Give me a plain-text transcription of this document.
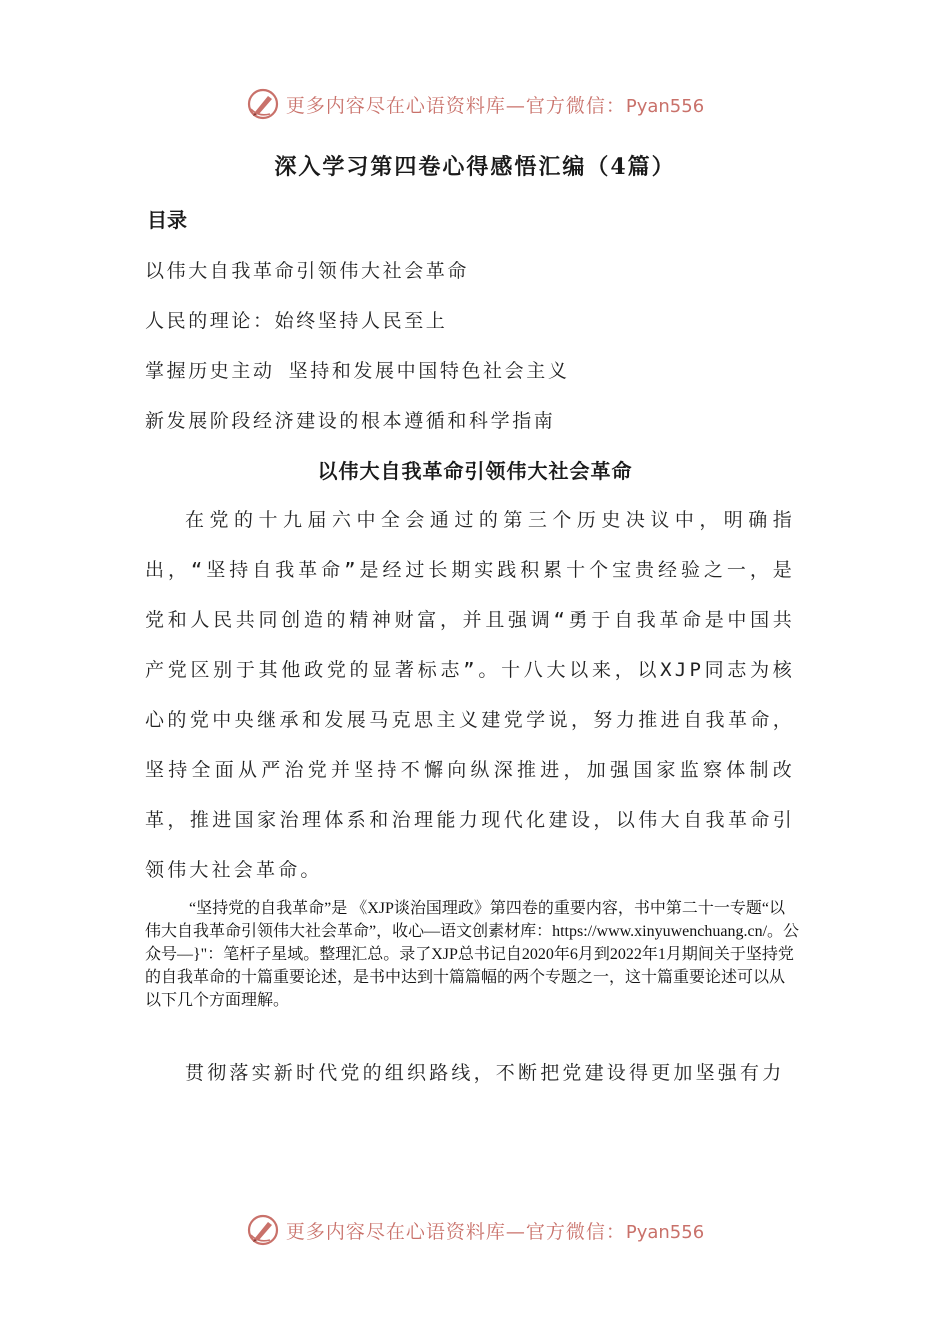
更多内容尽在心语资料库—官方微信：Pyan556
深入学习第四卷心得感悟汇编（4篇）
目录
以伟大自我革命引领伟大社会革命
人民的理论：始终坚持人民至上
掌握历史主动 坚持和发展中国特色社会主义
新发展阶段经济建设的根本遵循和科学指南
以伟大自我革命引领伟大社会革命

在党的十九届六中全会通过的第三个历史决议中，明确指出，“坚持自我革命”是经过长期实践积累十个宝贵经验之一，是党和人民共同创造的精神财富，并且强调“勇于自我革命是中国共产党区别于其他政党的显著标志”。十八大以来，以XJP同志为核心的党中央继承和发展马克思主义建党学说，努力推进自我革命，坚持全面从严治党并坚持不懈向纵深推进，加强国家监察体制改革，推进国家治理体系和治理能力现代化建设，以伟大自我革命引领伟大社会革命。

“坚持党的自我革命”是 《XJP谈治国理政》第四卷的重要内容，书中第二十一专题“以伟大自我革命引领伟大社会革命”，收心—语文创素材库：https://www.xinyuwenchuang.cn/。公众号—}"：笔杆子星域。整理汇总。录了XJP总书记自2020年6月到2022年1月期间关于坚持党的自我革命的十篇重要论述，是书中达到十篇篇幅的两个专题之一，这十篇重要论述可以从以下几个方面理解。

贯彻落实新时代党的组织路线，不断把党建设得更加坚强有力

更多内容尽在心语资料库—官方微信：Pyan556
